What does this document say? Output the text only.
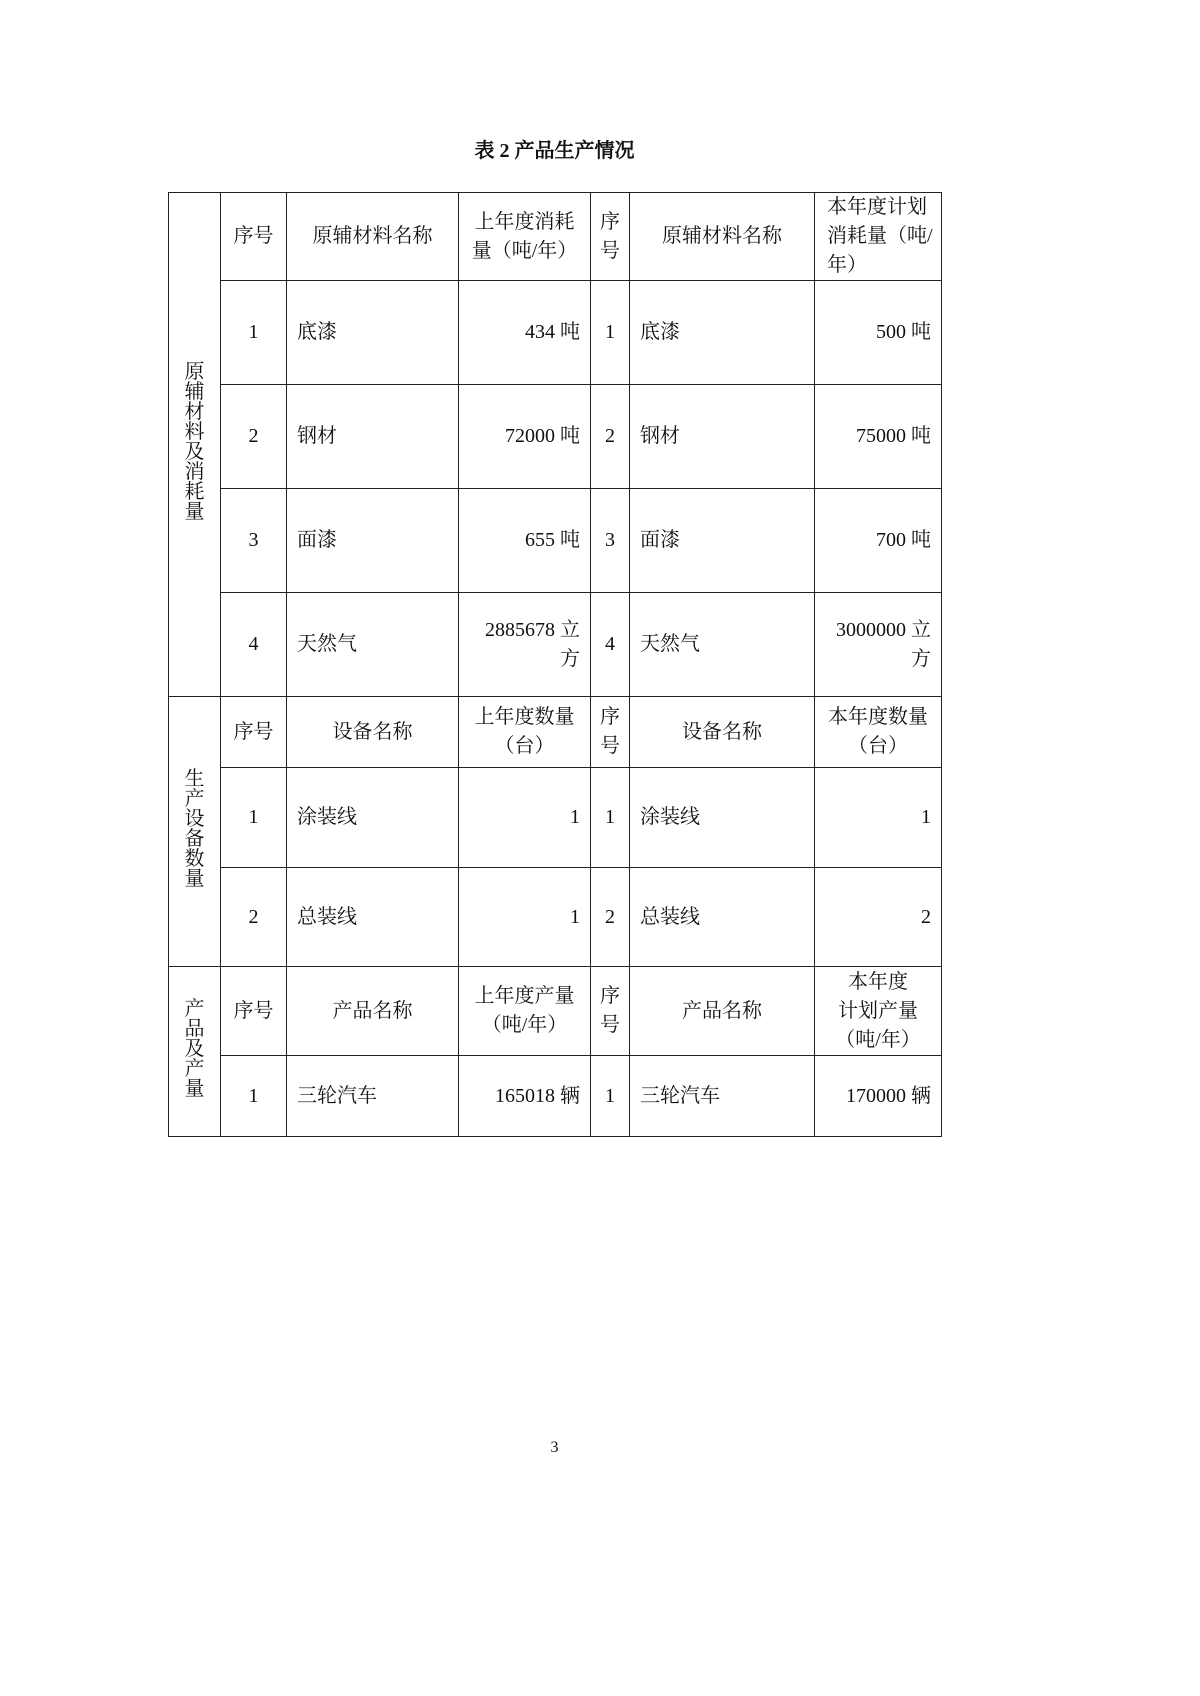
表 2 产品生产情况
原辅材料及消耗量	序号	原辅材料名称	上年度消耗量（吨/年）	序号	原辅材料名称	本年度计划消耗量（吨/年）
	1	底漆	434 吨	1	底漆	500 吨
	2	钢材	72000 吨	2	钢材	75000 吨
	3	面漆	655 吨	3	面漆	700 吨
	4	天然气	2885678 立方	4	天然气	3000000 立方
生产设备数量	序号	设备名称	上年度数量（台）	序号	设备名称	本年度数量（台）
	1	涂装线	1	1	涂装线	1
	2	总装线	1	2	总装线	2
产品及产量	序号	产品名称	上年度产量（吨/年）	序号	产品名称	本年度
计划产量
（吨/年）

	1	三轮汽车	165018 辆	1	三轮汽车	170000 辆
3
